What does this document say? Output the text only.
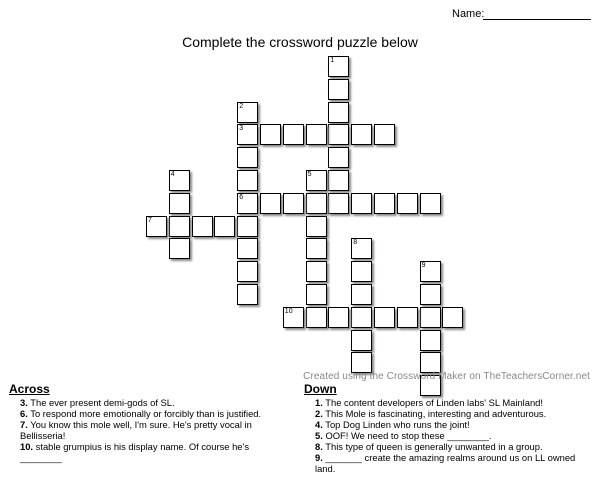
Name:
Complete the crossword puzzle below
1
2
3
6
4	5
7
8
9
10
Created using the Crossword Maker on TheTeachersCorner.net
Across
3. The ever present demi-gods of SL.
6. To respond more emotionally or forcibly than is justified.
7. You know this mole well, I'm sure. He's pretty vocal in Bellisseria!
10. stable grumpius is his display name. Of course he's ________
Down
1. The content developers of Linden labs' SL Mainland!
2. This Mole is fascinating, interesting and adventurous.
4. Top Dog Linden who runs the joint!
5. OOF! We need to stop these ________.
8. This type of queen is generally unwanted in a group.
9. _______ create the amazing realms around us on LL owned land.
